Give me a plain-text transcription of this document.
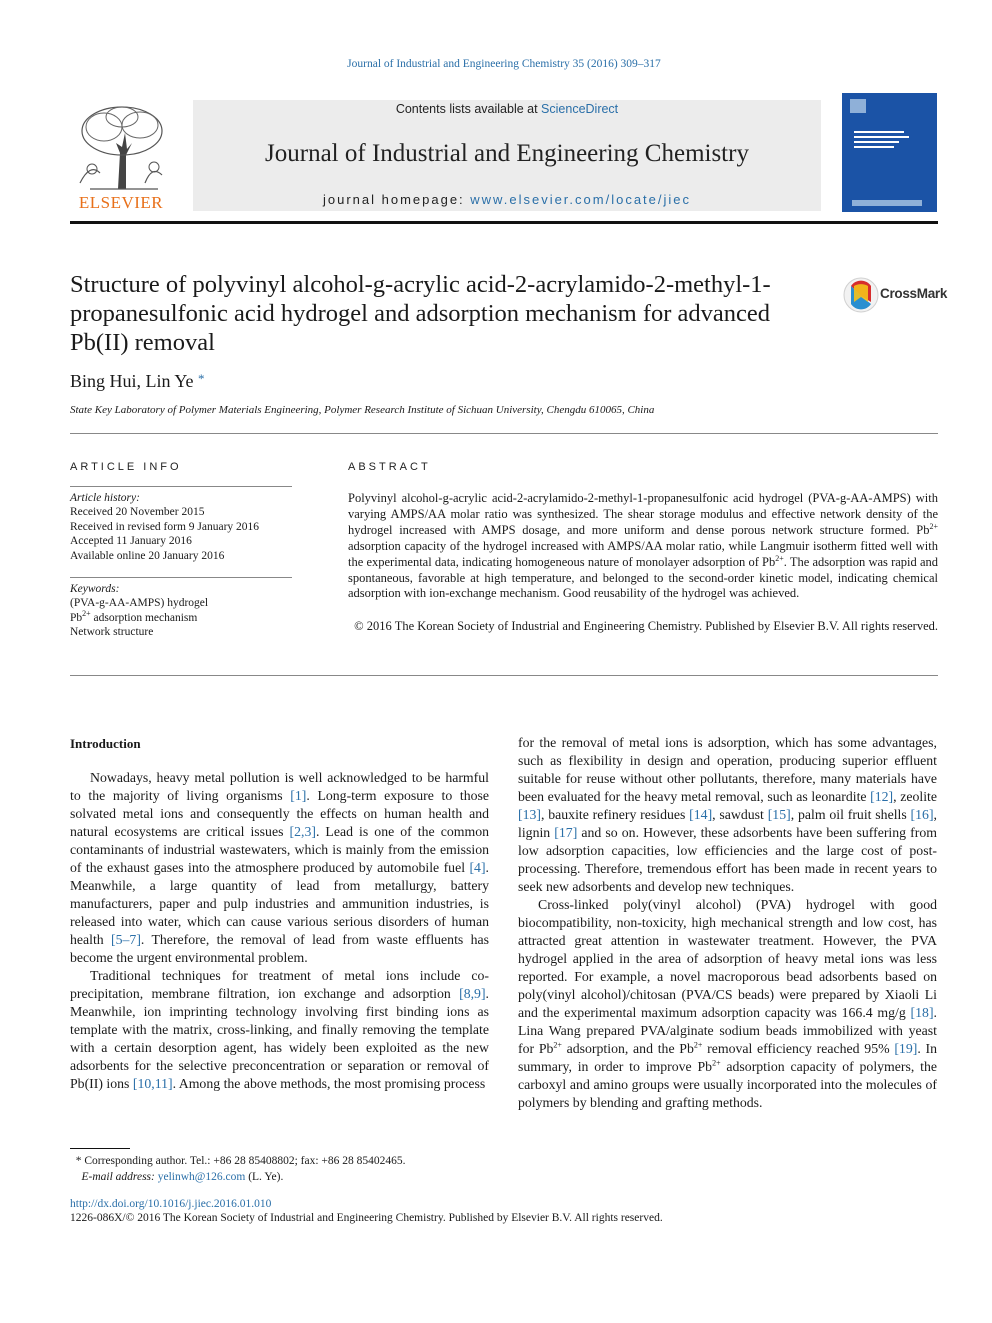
Journal of Industrial and Engineering Chemistry 35 (2016) 309–317
ELSEVIER
Contents lists available at ScienceDirect
Journal of Industrial and Engineering Chemistry
journal homepage: www.elsevier.com/locate/jiec
Structure of polyvinyl alcohol-g-acrylic acid-2-acrylamido-2-methyl-1-propanesulfonic acid hydrogel and adsorption mechanism for advanced Pb(II) removal
CrossMark
Bing Hui, Lin Ye *
State Key Laboratory of Polymer Materials Engineering, Polymer Research Institute of Sichuan University, Chengdu 610065, China
ARTICLE INFO	ABSTRACT
Article history:
Received 20 November 2015
Received in revised form 9 January 2016
Accepted 11 January 2016
Available online 20 January 2016
Keywords:
(PVA-g-AA-AMPS) hydrogel
$Pb^{2+}$ adsorption mechanism
Network structure
Polyvinyl alcohol-g-acrylic acid-2-acrylamido-2-methyl-1-propanesulfonic acid hydrogel (PVA-g-AA-AMPS) with varying AMPS/AA molar ratio was synthesized. The shear storage modulus and effective network density of the hydrogel increased with AMPS dosage, and more uniform and dense porous network structure formed. $Pb^{2+}$ adsorption capacity of the hydrogel increased with AMPS/AA molar ratio, while Langmuir isotherm fitted well with the experimental data, indicating homogeneous nature of monolayer adsorption of $Pb^{2+}$. The adsorption was rapid and spontaneous, favorable at high temperature, and belonged to the second-order kinetic model, indicating chemical adsorption with ion-exchange mechanism. Good reusability of the hydrogel was achieved.
© 2016 The Korean Society of Industrial and Engineering Chemistry. Published by Elsevier B.V. All rights reserved.
Introduction

Nowadays, heavy metal pollution is well acknowledged to be harmful to the majority of living organisms [1]. Long-term exposure to those solvated metal ions and consequently the effects on human health and natural ecosystems are critical issues [2,3]. Lead is one of the common contaminants of industrial wastewaters, which is mainly from the emission of the exhaust gases into the atmosphere produced by automobile fuel [4]. Meanwhile, a large quantity of lead from metallurgy, battery manufacturers, paper and pulp industries and ammunition industries, is released into water, which can cause various serious disorders of human health [5–7]. Therefore, the removal of lead from waste effluents has become the urgent environmental problem.

Traditional techniques for treatment of metal ions include co-precipitation, membrane filtration, ion exchange and adsorption [8,9]. Meanwhile, ion imprinting technology involving first binding ions as template with the matrix, cross-linking, and finally removing the template with a certain desorption agent, has widely been exploited as the new adsorbents for the selective preconcentration or separation or removal of Pb(II) ions [10,11]. Among the above methods, the most promising process

for the removal of metal ions is adsorption, which has some advantages, such as flexibility in design and operation, producing superior effluent suitable for reuse without other pollutants, therefore, many materials have been evaluated for the heavy metal removal, such as leonardite [12], zeolite [13], bauxite refinery residues [14], sawdust [15], palm oil fruit shells [16], lignin [17] and so on. However, these adsorbents have been suffering from low adsorption capacities, low efficiencies and the large cost of post-processing. Therefore, tremendous effort has been made in recent years to seek new adsorbents and develop new techniques.

Cross-linked poly(vinyl alcohol) (PVA) hydrogel with good biocompatibility, non-toxicity, high mechanical strength and low cost, has attracted great attention in wastewater treatment. However, the PVA hydrogel applied in the area of adsorption of heavy metal ions was less reported. For example, a novel macroporous bead adsorbents based on poly(vinyl alcohol)/chitosan (PVA/CS beads) were prepared by Xiaoli Li and the experimental maximum adsorption capacity was 166.4 mg/g [18]. Lina Wang prepared PVA/alginate sodium beads immobilized with yeast for $Pb^{2+}$ adsorption, and the $Pb^{2+}$ removal efficiency reached 95% [19]. In summary, in order to improve $Pb^{2+}$ adsorption capacity of polymers, the carboxyl and amino groups were usually incorporated into the molecules of polymers by blending and grafting methods.

* Corresponding author. Tel.: +86 28 85408802; fax: +86 28 85402465.
E-mail address: yelinwh@126.com (L. Ye).
http://dx.doi.org/10.1016/j.jiec.2016.01.010
1226-086X/© 2016 The Korean Society of Industrial and Engineering Chemistry. Published by Elsevier B.V. All rights reserved.
